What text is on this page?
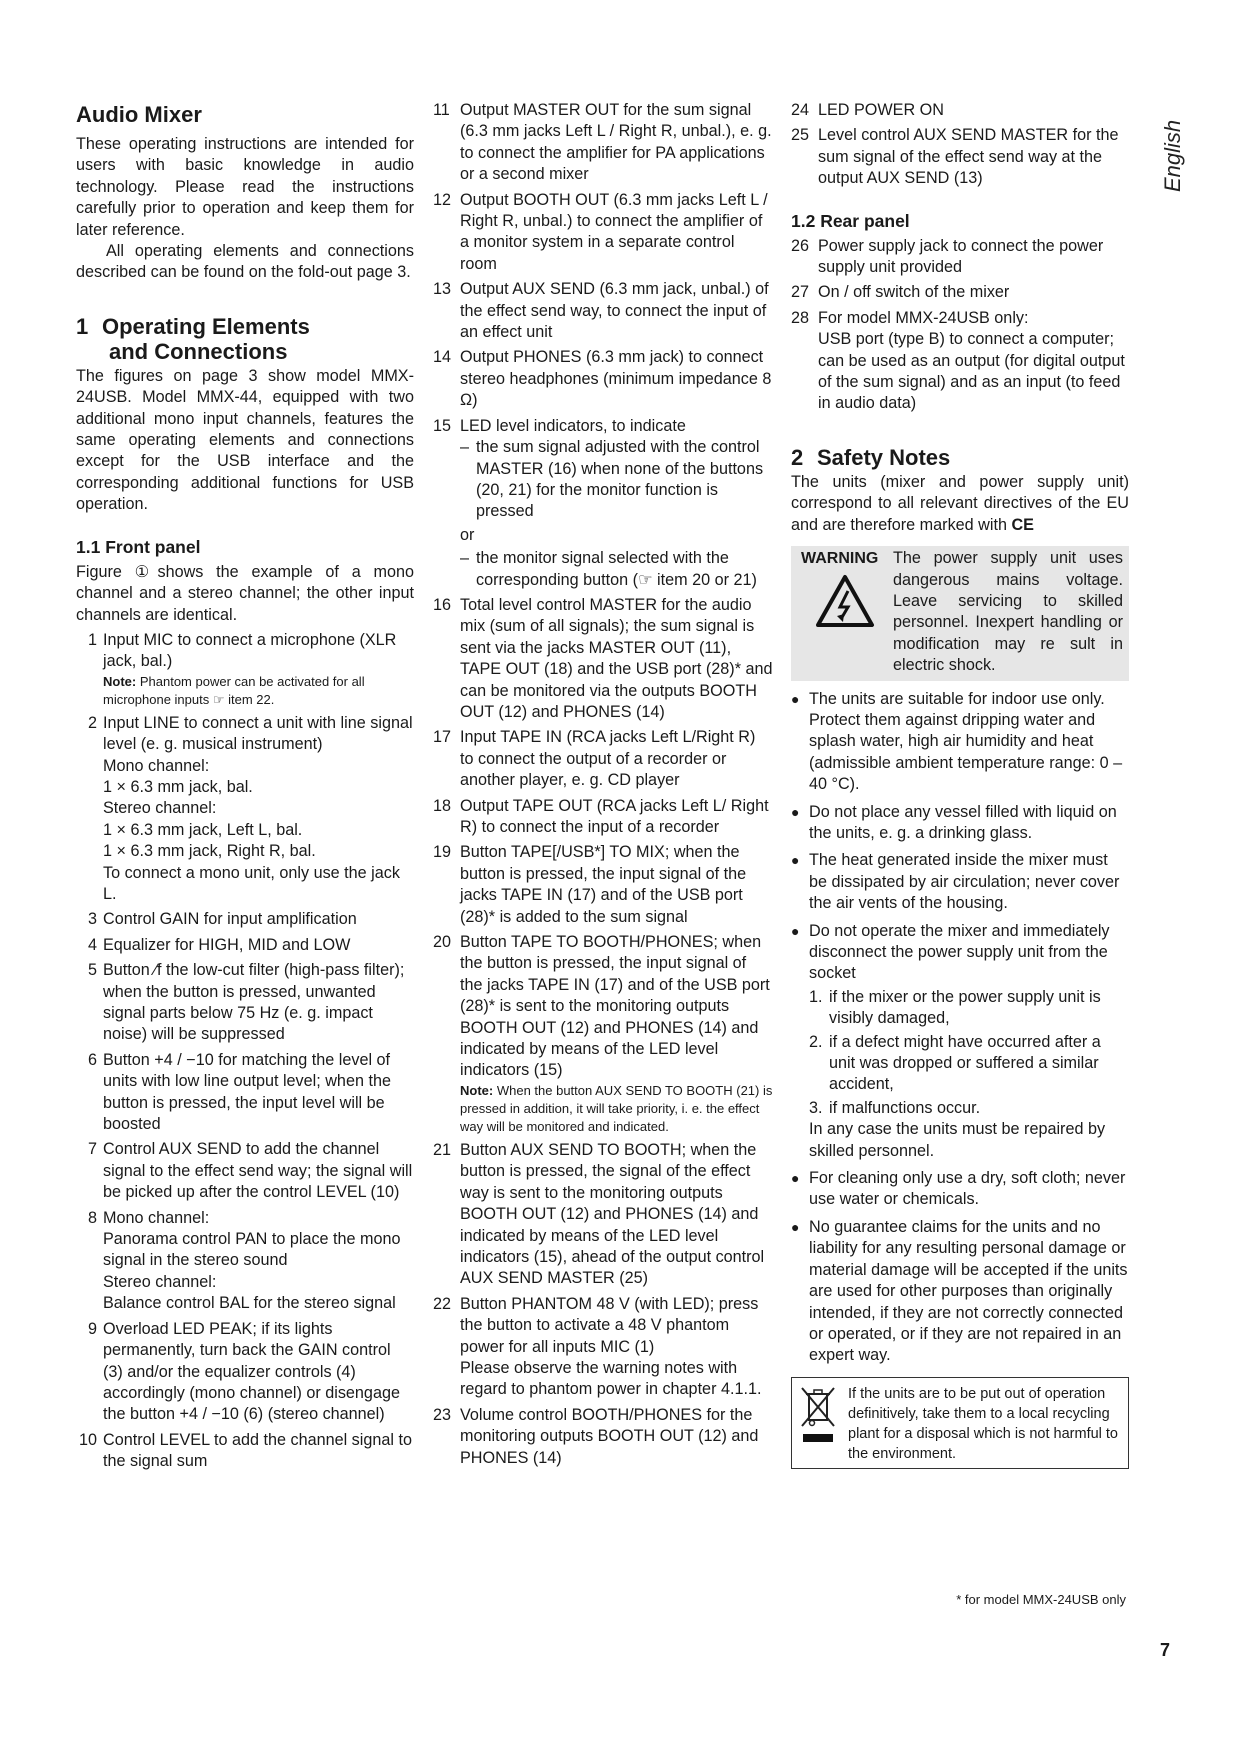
English
Audio Mixer

These operating instructions are intended for users with basic knowledge in audio technology. Please read the instructions carefully prior to operation and keep them for later reference.

All operating elements and connections described can be found on the fold-out page 3.

1 Operating Elements
and Connections

The figures on page 3 show model MMX-24USB. Model MMX-44, equipped with two additional mono input channels, features the same operating elements and connections except for the USB interface and the corresponding additional functions for USB operation.

1.1 Front panel

Figure ①shows the example of a mono channel and a stereo channel; the other input channels are identical.

1 Input MIC to connect a microphone (XLR jack, bal.)
Note: Phantom power can be activated for all microphone inputs ☞ item 22.
2 Input LINE to connect a unit with line signal level (e. g. musical instrument)
Mono channel:
1 × 6.3 mm jack, bal.
Stereo channel:
1 × 6.3 mm jack, Left L, bal.
1 × 6.3 mm jack, Right R, bal.
To connect a mono unit, only use the jack L.
3 Control GAIN for input amplification
4 Equalizer for HIGH, MID and LOW
5 Button ⁄f the low-cut filter (high-pass filter); when the button is pressed, unwanted signal parts below 75 Hz (e. g. impact noise) will be suppressed
6 Button +4 / −10 for matching the level of units with low line output level; when the button is pressed, the input level will be boosted
7 Control AUX SEND to add the channel signal to the effect send way; the signal will be picked up after the control LEVEL (10)
8 Mono channel:
Panorama control PAN to place the mono signal in the stereo sound
Stereo channel:
Balance control BAL for the stereo signal
9 Overload LED PEAK; if its lights permanently, turn back the GAIN control (3) and/or the equalizer controls (4) accordingly (mono channel) or disengage the button +4 / −10 (6) (stereo channel)
10 Control LEVEL to add the channel signal to the signal sum
11 Output MASTER OUT for the sum signal (6.3 mm jacks Left L / Right R, unbal.), e. g. to connect the amplifier for PA applications or a second mixer
12 Output BOOTH OUT (6.3 mm jacks Left L / Right R, unbal.) to connect the amplifier of a monitor system in a separate control room
13 Output AUX SEND (6.3 mm jack, unbal.) of the effect send way, to connect the input of an effect unit
14 Output PHONES (6.3 mm jack) to connect stereo headphones (minimum impedance 8 Ω)
15 LED level indicators, to indicate
– the sum signal adjusted with the control MASTER (16) when none of the buttons (20, 21) for the monitor function is pressed
or
– the monitor signal selected with the corresponding button (☞ item 20 or 21)
16 Total level control MASTER for the audio mix (sum of all signals); the sum signal is sent via the jacks MASTER OUT (11), TAPE OUT (18) and the USB port (28)* and can be monitored via the outputs BOOTH OUT (12) and PHONES (14)
17 Input TAPE IN (RCA jacks Left L/Right R) to connect the output of a recorder or another player, e. g. CD player
18 Output TAPE OUT (RCA jacks Left L/ Right R) to connect the input of a recorder
19 Button TAPE[/USB*] TO MIX; when the button is pressed, the input signal of the jacks TAPE IN (17) and of the USB port (28)* is added to the sum signal
20 Button TAPE TO BOOTH/PHONES; when the button is pressed, the input signal of the jacks TAPE IN (17) and of the USB port (28)* is sent to the monitoring outputs BOOTH OUT (12) and PHONES (14) and indicated by means of the LED level indicators (15)
Note: When the button AUX SEND TO BOOTH (21) is pressed in addition, it will take priority, i. e. the effect way will be monitored and indicated.
21 Button AUX SEND TO BOOTH; when the button is pressed, the signal of the effect way is sent to the monitoring outputs BOOTH OUT (12) and PHONES (14) and indicated by means of the LED level indicators (15), ahead of the output control AUX SEND MASTER (25)
22 Button PHANTOM 48 V (with LED); press the button to activate a 48 V phantom power for all inputs MIC (1)
Please observe the warning notes with regard to phantom power in chapter 4.1.1.
23 Volume control BOOTH/PHONES for the monitoring outputs BOOTH OUT (12) and PHONES (14)
24 LED POWER ON
25 Level control AUX SEND MASTER for the sum signal of the effect send way at the output AUX SEND (13)
1.2 Rear panel
26 Power supply jack to connect the power supply unit provided
27 On / off switch of the mixer
28 For model MMX-24USB only:
USB port (type B) to connect a computer; can be used as an output (for digital output of the sum signal) and as an input (to feed in audio data)
2 Safety Notes

The units (mixer and power supply unit) correspond to all relevant directives of the EU and are therefore marked with CE

WARNING The power supply unit uses dangerous mains voltage. Leave servicing to skilled personnel. Inexpert handling or modification may re sult in electric shock.
● The units are suitable for indoor use only. Protect them against dripping water and splash water, high air humidity and heat (admissible ambient temperature range: 0 – 40 °C).
● Do not place any vessel filled with liquid on the units, e. g. a drinking glass.
● The heat generated inside the mixer must be dissipated by air circulation; never cover the air vents of the housing.
● Do not operate the mixer and immediately disconnect the power supply unit from the socket
1. if the mixer or the power supply unit is visibly damaged,
2. if a defect might have occurred after a unit was dropped or suffered a similar accident,
3. if malfunctions occur.
In any case the units must be repaired by skilled personnel.
● For cleaning only use a dry, soft cloth; never use water or chemicals.
● No guarantee claims for the units and no liability for any resulting personal damage or material damage will be accepted if the units are used for other purposes than originally intended, if they are not correctly connected or operated, or if they are not repaired in an expert way.
If the units are to be put out of operation definitively, take them to a local recycling plant for a disposal which is not harmful to the environment.
* for model MMX-24USB only
7
